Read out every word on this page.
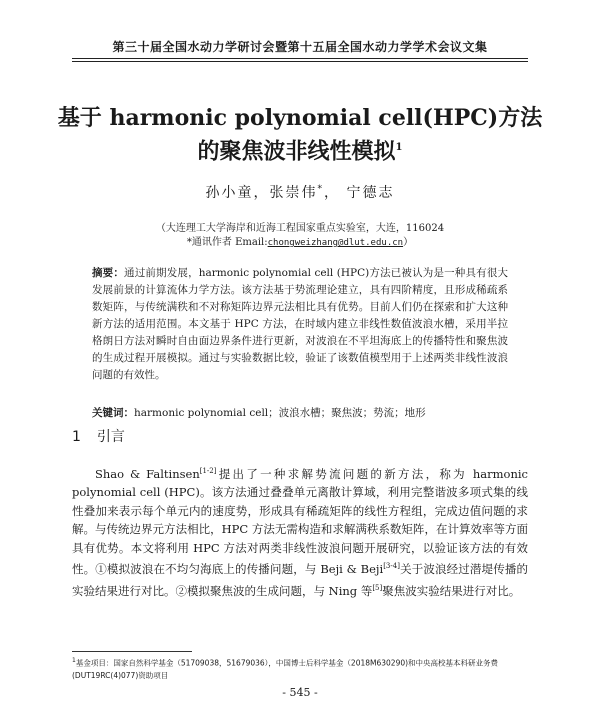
第三十届全国水动力学研讨会暨第十五届全国水动力学学术会议文集
基于 harmonic polynomial cell(HPC)方法
的聚焦波非线性模拟$^1$
孙小童，张崇伟*， 宁德志
（大连理工大学海岸和近海工程国家重点实验室，大连，116024
*通讯作者 Email:chongweizhang@dlut.edu.cn）
摘要：通过前期发展，harmonic polynomial cell (HPC)方法已被认为是一种具有很大发展前景的计算流体力学方法。该方法基于势流理论建立，具有四阶精度，且形成稀疏系数矩阵，与传统满秩和不对称矩阵边界元法相比具有优势。目前人们仍在探索和扩大这种新方法的适用范围。本文基于 HPC 方法，在时域内建立非线性数值波浪水槽，采用半拉格朗日方法对瞬时自由面边界条件进行更新，对波浪在不平坦海底上的传播特性和聚焦波的生成过程开展模拟。通过与实验数据比较，验证了该数值模型用于上述两类非线性波浪问题的有效性。
关键词：harmonic polynomial cell；波浪水槽；聚焦波；势流；地形
1 引言

Shao & Faltinsen[1-2]提出了一种求解势流问题的新方法，称为 harmonic polynomial cell (HPC)。该方法通过叠叠单元离散计算域，利用完整谐波多项式集的线性叠加来表示每个单元内的速度势，形成具有稀疏矩阵的线性方程组，完成边值问题的求解。与传统边界元方法相比，HPC 方法无需构造和求解满秩系数矩阵，在计算效率等方面具有优势。本文将利用 HPC 方法对两类非线性波浪问题开展研究，以验证该方法的有效性。①模拟波浪在不均匀海底上的传播问题，与 Beji & Beji[3-4]关于波浪经过潜堤传播的实验结果进行对比。②模拟聚焦波的生成问题，与 Ning 等[5]聚焦波实验结果进行对比。

$^1$基金项目：国家自然科学基金（51709038，51679036），中国博士后科学基金（2018M630290)和中央高校基本科研业务费(DUT19RC(4)077)资助项目
- 545 -
